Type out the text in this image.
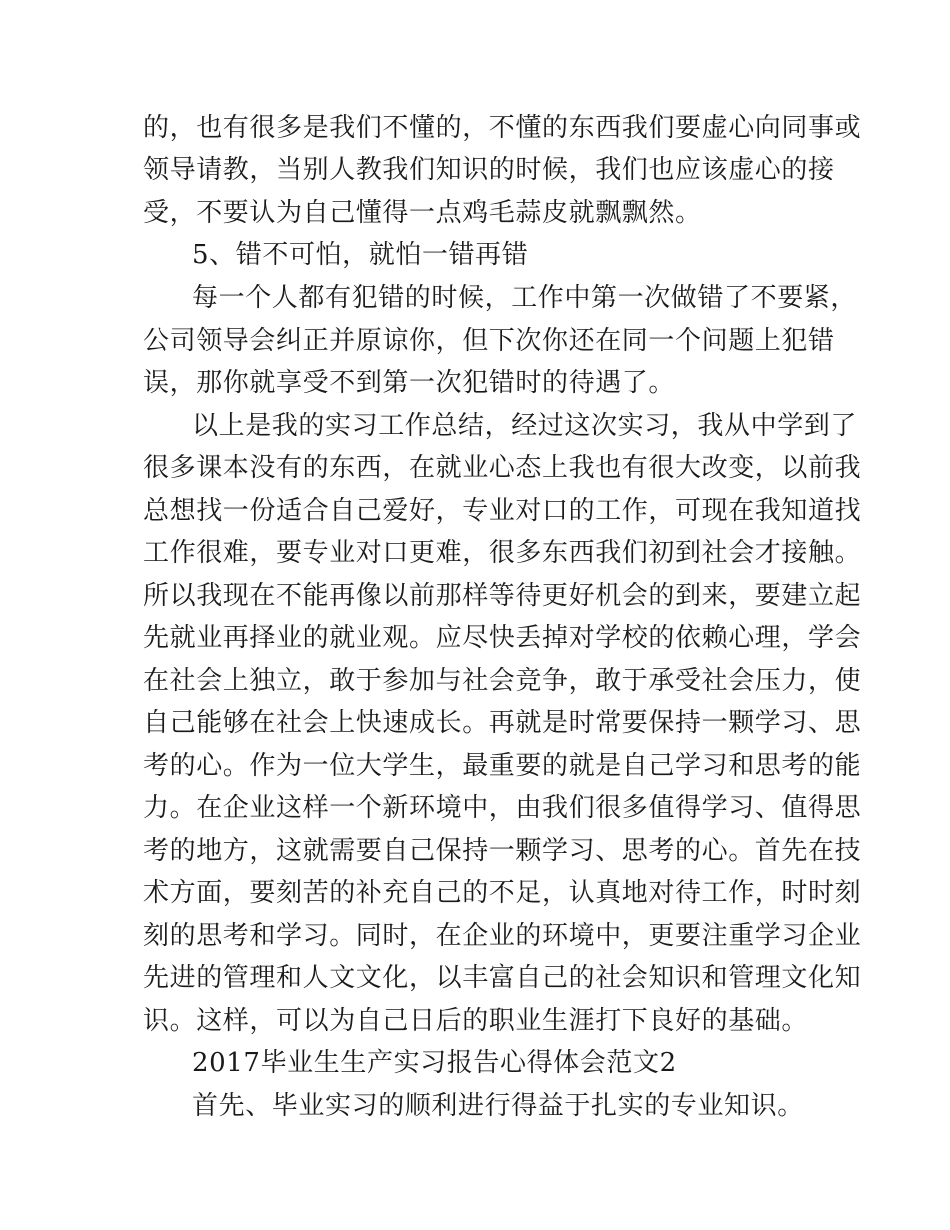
的，也有很多是我们不懂的，不懂的东西我们要虚心向同事或
领导请教，当别人教我们知识的时候，我们也应该虚心的接
受，不要认为自己懂得一点鸡毛蒜皮就飘飘然。
5、错不可怕，就怕一错再错
每一个人都有犯错的时候，工作中第一次做错了不要紧，
公司领导会纠正并原谅你，但下次你还在同一个问题上犯错
误，那你就享受不到第一次犯错时的待遇了。
以上是我的实习工作总结，经过这次实习，我从中学到了
很多课本没有的东西，在就业心态上我也有很大改变，以前我
总想找一份适合自己爱好，专业对口的工作，可现在我知道找
工作很难，要专业对口更难，很多东西我们初到社会才接触。
所以我现在不能再像以前那样等待更好机会的到来，要建立起
先就业再择业的就业观。应尽快丢掉对学校的依赖心理，学会
在社会上独立，敢于参加与社会竞争，敢于承受社会压力，使
自己能够在社会上快速成长。再就是时常要保持一颗学习、思
考的心。作为一位大学生，最重要的就是自己学习和思考的能
力。在企业这样一个新环境中，由我们很多值得学习、值得思
考的地方，这就需要自己保持一颗学习、思考的心。首先在技
术方面，要刻苦的补充自己的不足，认真地对待工作，时时刻
刻的思考和学习。同时，在企业的环境中，更要注重学习企业
先进的管理和人文文化，以丰富自己的社会知识和管理文化知
识。这样，可以为自己日后的职业生涯打下良好的基础。
2017毕业生生产实习报告心得体会范文2
首先、毕业实习的顺利进行得益于扎实的专业知识。
